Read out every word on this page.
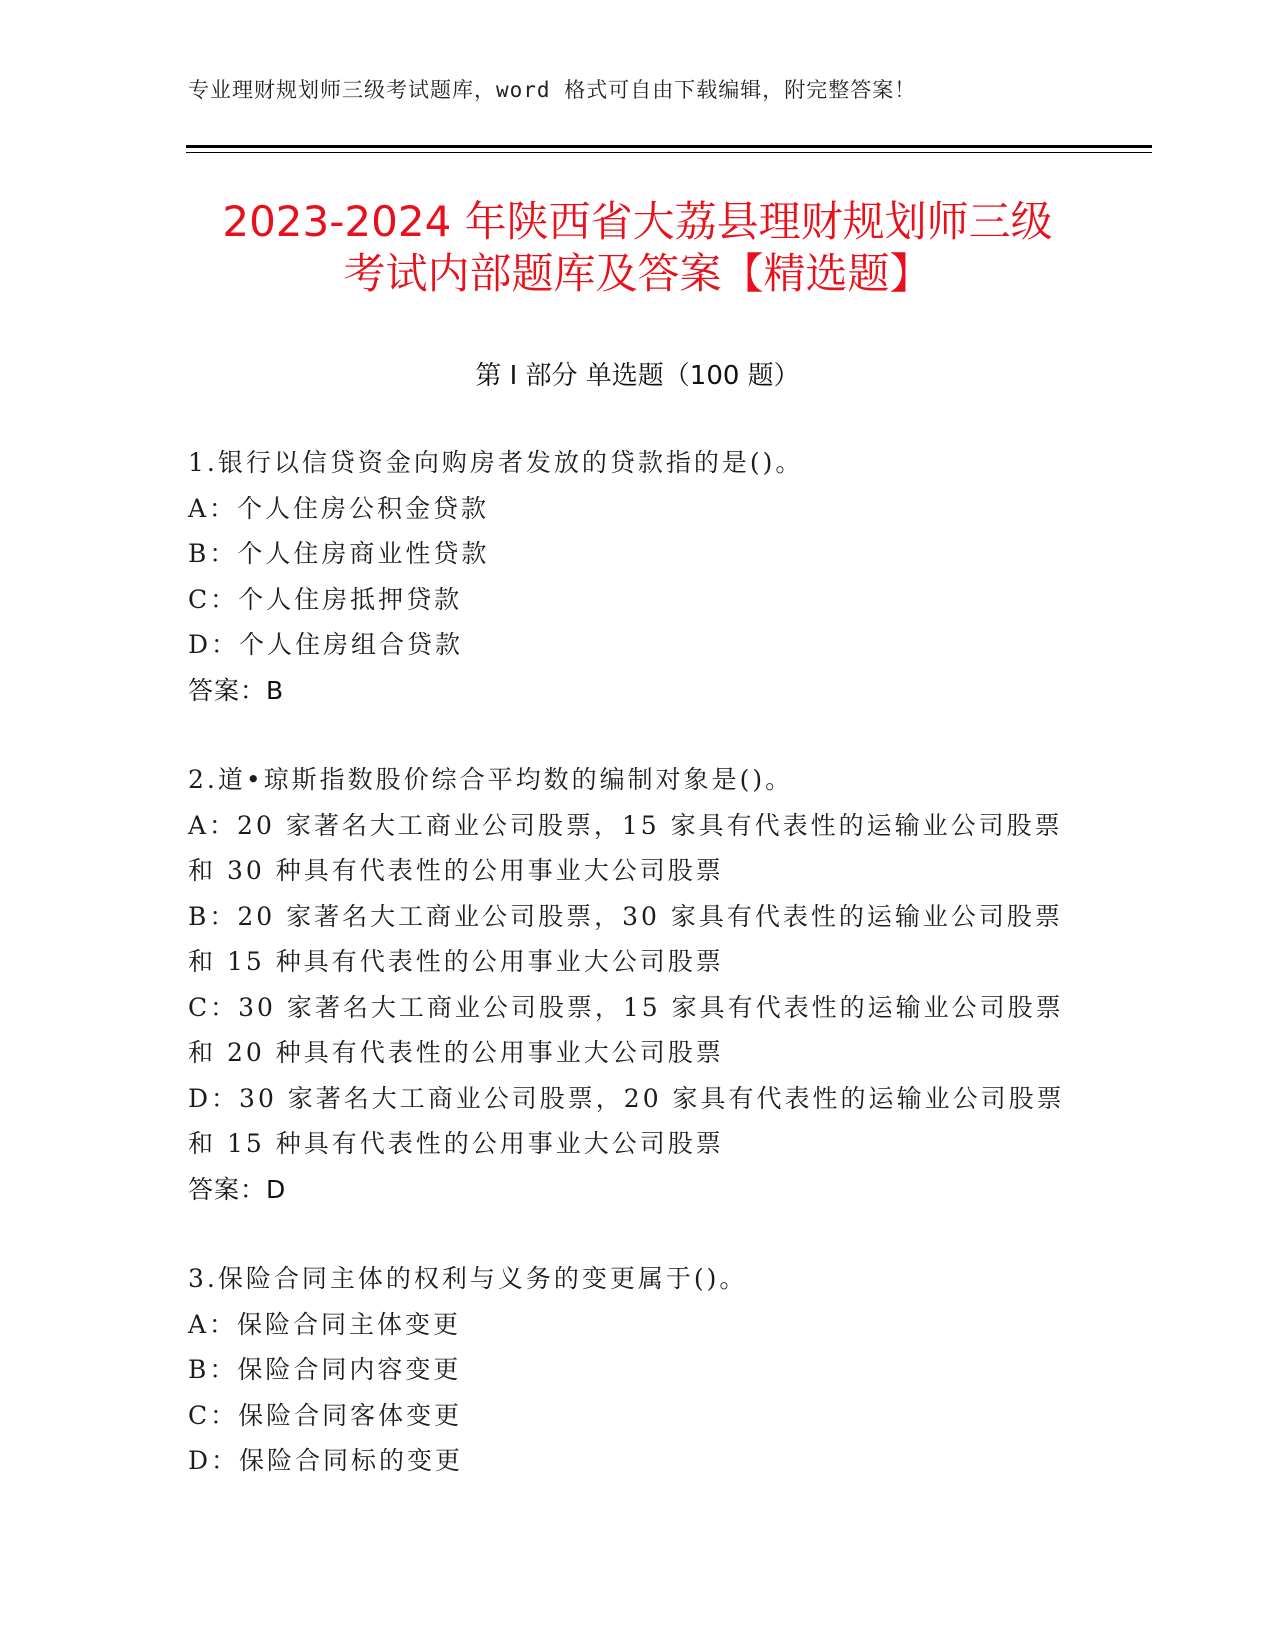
专业理财规划师三级考试题库，word 格式可自由下载编辑，附完整答案！
2023-2024 年陕西省大荔县理财规划师三级
考试内部题库及答案【精选题】
第 I 部分 单选题（100 题）
1.银行以信贷资金向购房者发放的贷款指的是()。
A：个人住房公积金贷款
B：个人住房商业性贷款
C：个人住房抵押贷款
D：个人住房组合贷款
答案：B
2.道•琼斯指数股价综合平均数的编制对象是()。
A：20 家著名大工商业公司股票，15 家具有代表性的运输业公司股票
和 30 种具有代表性的公用事业大公司股票
B：20 家著名大工商业公司股票，30 家具有代表性的运输业公司股票
和 15 种具有代表性的公用事业大公司股票
C：30 家著名大工商业公司股票，15 家具有代表性的运输业公司股票
和 20 种具有代表性的公用事业大公司股票
D：30 家著名大工商业公司股票，20 家具有代表性的运输业公司股票
和 15 种具有代表性的公用事业大公司股票
答案：D
3.保险合同主体的权利与义务的变更属于()。
A：保险合同主体变更
B：保险合同内容变更
C：保险合同客体变更
D：保险合同标的变更
